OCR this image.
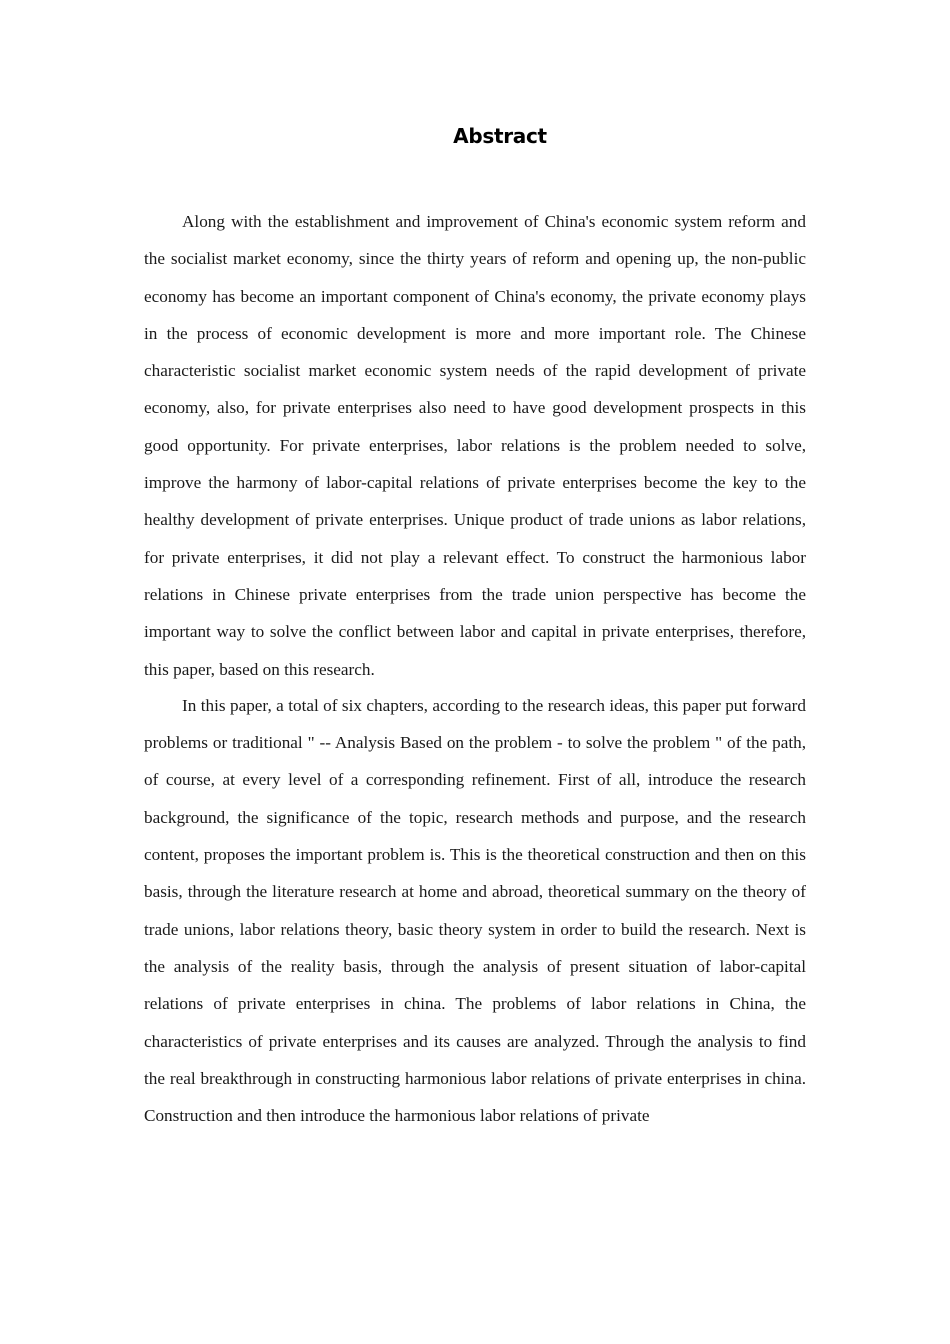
Abstract

Along with the establishment and improvement of China's economic system reform and the socialist market economy, since the thirty years of reform and opening up, the non-public economy has become an important component of China's economy, the private economy plays in the process of economic development is more and more important role. The Chinese characteristic socialist market economic system needs of the rapid development of private economy, also, for private enterprises also need to have good development prospects in this good opportunity. For private enterprises, labor relations is the problem needed to solve, improve the harmony of labor-capital relations of private enterprises become the key to the healthy development of private enterprises. Unique product of trade unions as labor relations, for private enterprises, it did not play a relevant effect. To construct the harmonious labor relations in Chinese private enterprises from the trade union perspective has become the important way to solve the conflict between labor and capital in private enterprises, therefore, this paper, based on this research.

In this paper, a total of six chapters, according to the research ideas, this paper put forward problems or traditional " -- Analysis Based on the problem - to solve the problem " of the path, of course, at every level of a corresponding refinement. First of all, introduce the research background, the significance of the topic, research methods and purpose, and the research content, proposes the important problem is. This is the theoretical construction and then on this basis, through the literature research at home and abroad, theoretical summary on the theory of trade unions, labor relations theory, basic theory system in order to build the research. Next is the analysis of the reality basis, through the analysis of present situation of labor-capital relations of private enterprises in china. The problems of labor relations in China, the characteristics of private enterprises and its causes are analyzed. Through the analysis to find the real breakthrough in constructing harmonious labor relations of private enterprises in china. Construction and then introduce the harmonious labor relations of private
